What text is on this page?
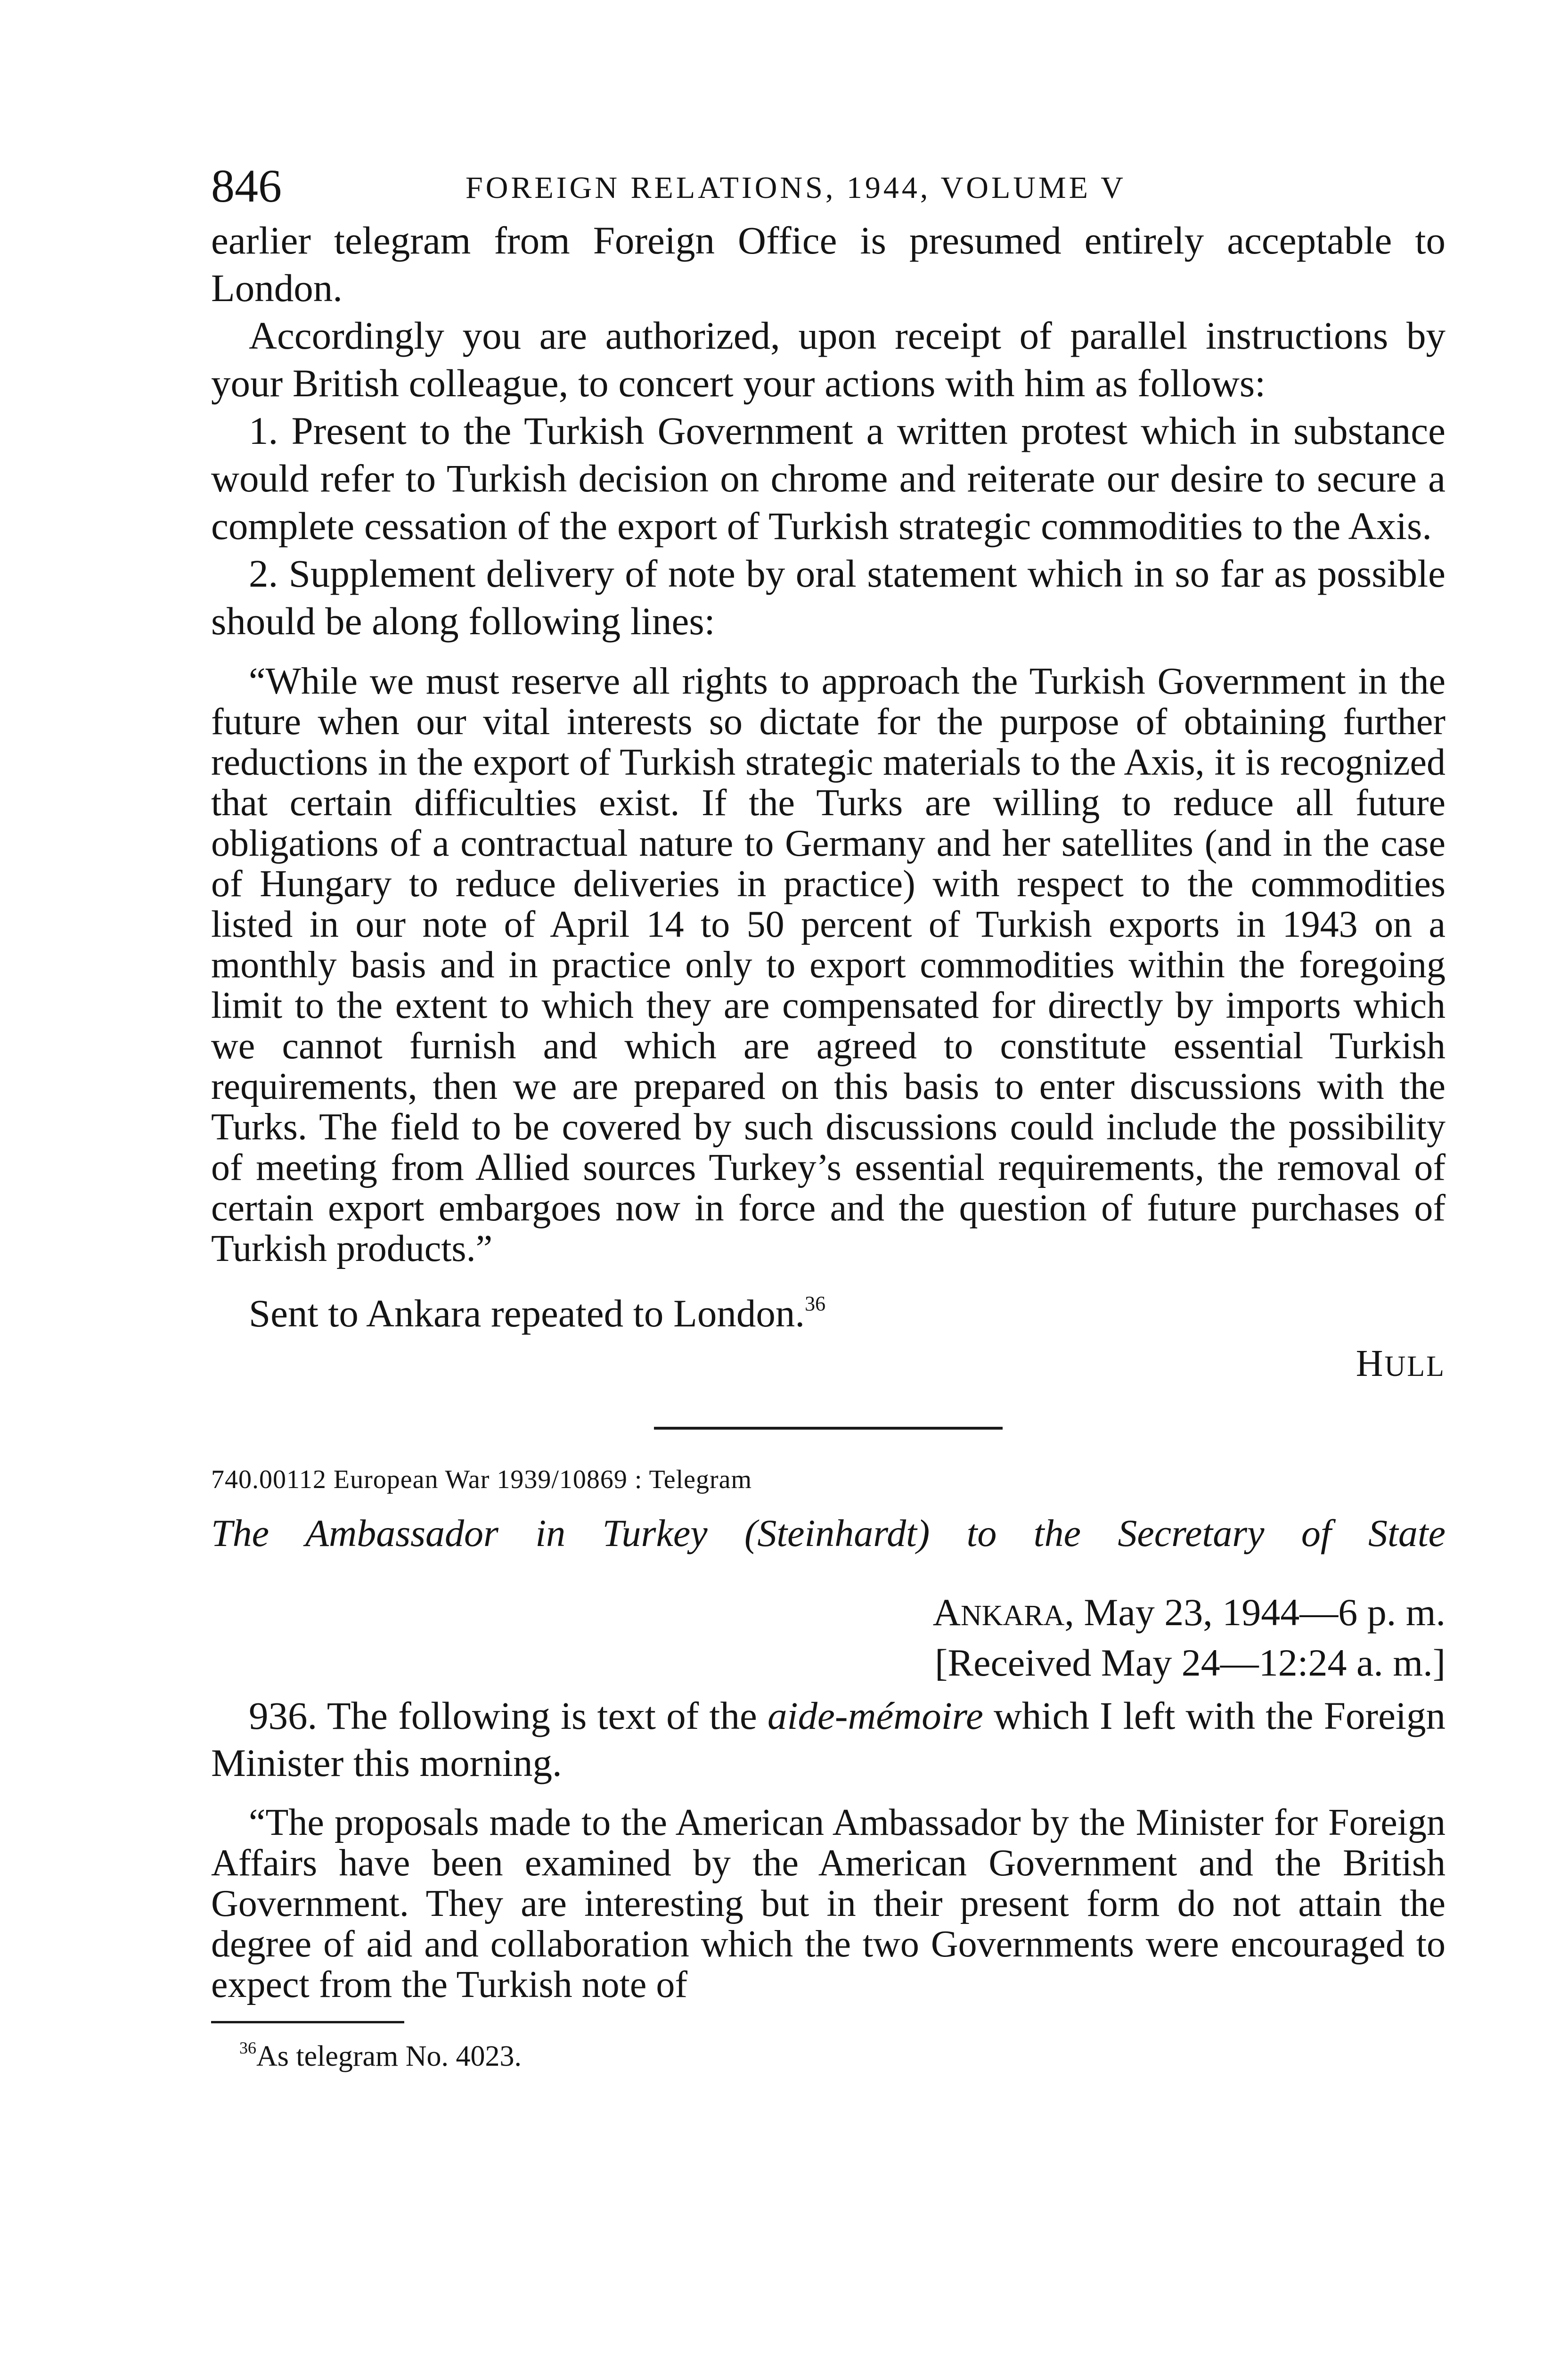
846	FOREIGN RELATIONS, 1944, VOLUME V

earlier telegram from Foreign Office is presumed entirely acceptable to London.

Accordingly you are authorized, upon receipt of parallel instructions by your British colleague, to concert your actions with him as follows:

1. Present to the Turkish Government a written protest which in substance would refer to Turkish decision on chrome and reiterate our desire to secure a complete cessation of the export of Turkish strategic commodities to the Axis.

2. Supplement delivery of note by oral statement which in so far as possible should be along following lines:

“While we must reserve all rights to approach the Turkish Government in the future when our vital interests so dictate for the purpose of obtaining further reductions in the export of Turkish strategic materials to the Axis, it is recognized that certain difficulties exist. If the Turks are willing to reduce all future obligations of a contractual nature to Germany and her satellites (and in the case of Hungary to reduce deliveries in practice) with respect to the commodities listed in our note of April 14 to 50 percent of Turkish exports in 1943 on a monthly basis and in practice only to export commodities within the foregoing limit to the extent to which they are compensated for directly by imports which we cannot furnish and which are agreed to constitute essential Turkish requirements, then we are prepared on this basis to enter discussions with the Turks. The field to be covered by such discussions could include the possibility of meeting from Allied sources Turkey’s essential requirements, the removal of certain export embargoes now in force and the question of future purchases of Turkish products.”

Sent to Ankara repeated to London.$^{36}$

HULL
740.00112 European War 1939/10869 : Telegram
The Ambassador in Turkey (Steinhardt) to the Secretary of State
ANKARA, May 23, 1944—6 p. m.
[Received May 24—12:24 a. m.]

936. The following is text of the aide-mémoire which I left with the Foreign Minister this morning.

“The proposals made to the American Ambassador by the Minister for Foreign Affairs have been examined by the American Government and the British Government. They are interesting but in their present form do not attain the degree of aid and collaboration which the two Governments were encouraged to expect from the Turkish note of

$^{36}$As telegram No. 4023.
